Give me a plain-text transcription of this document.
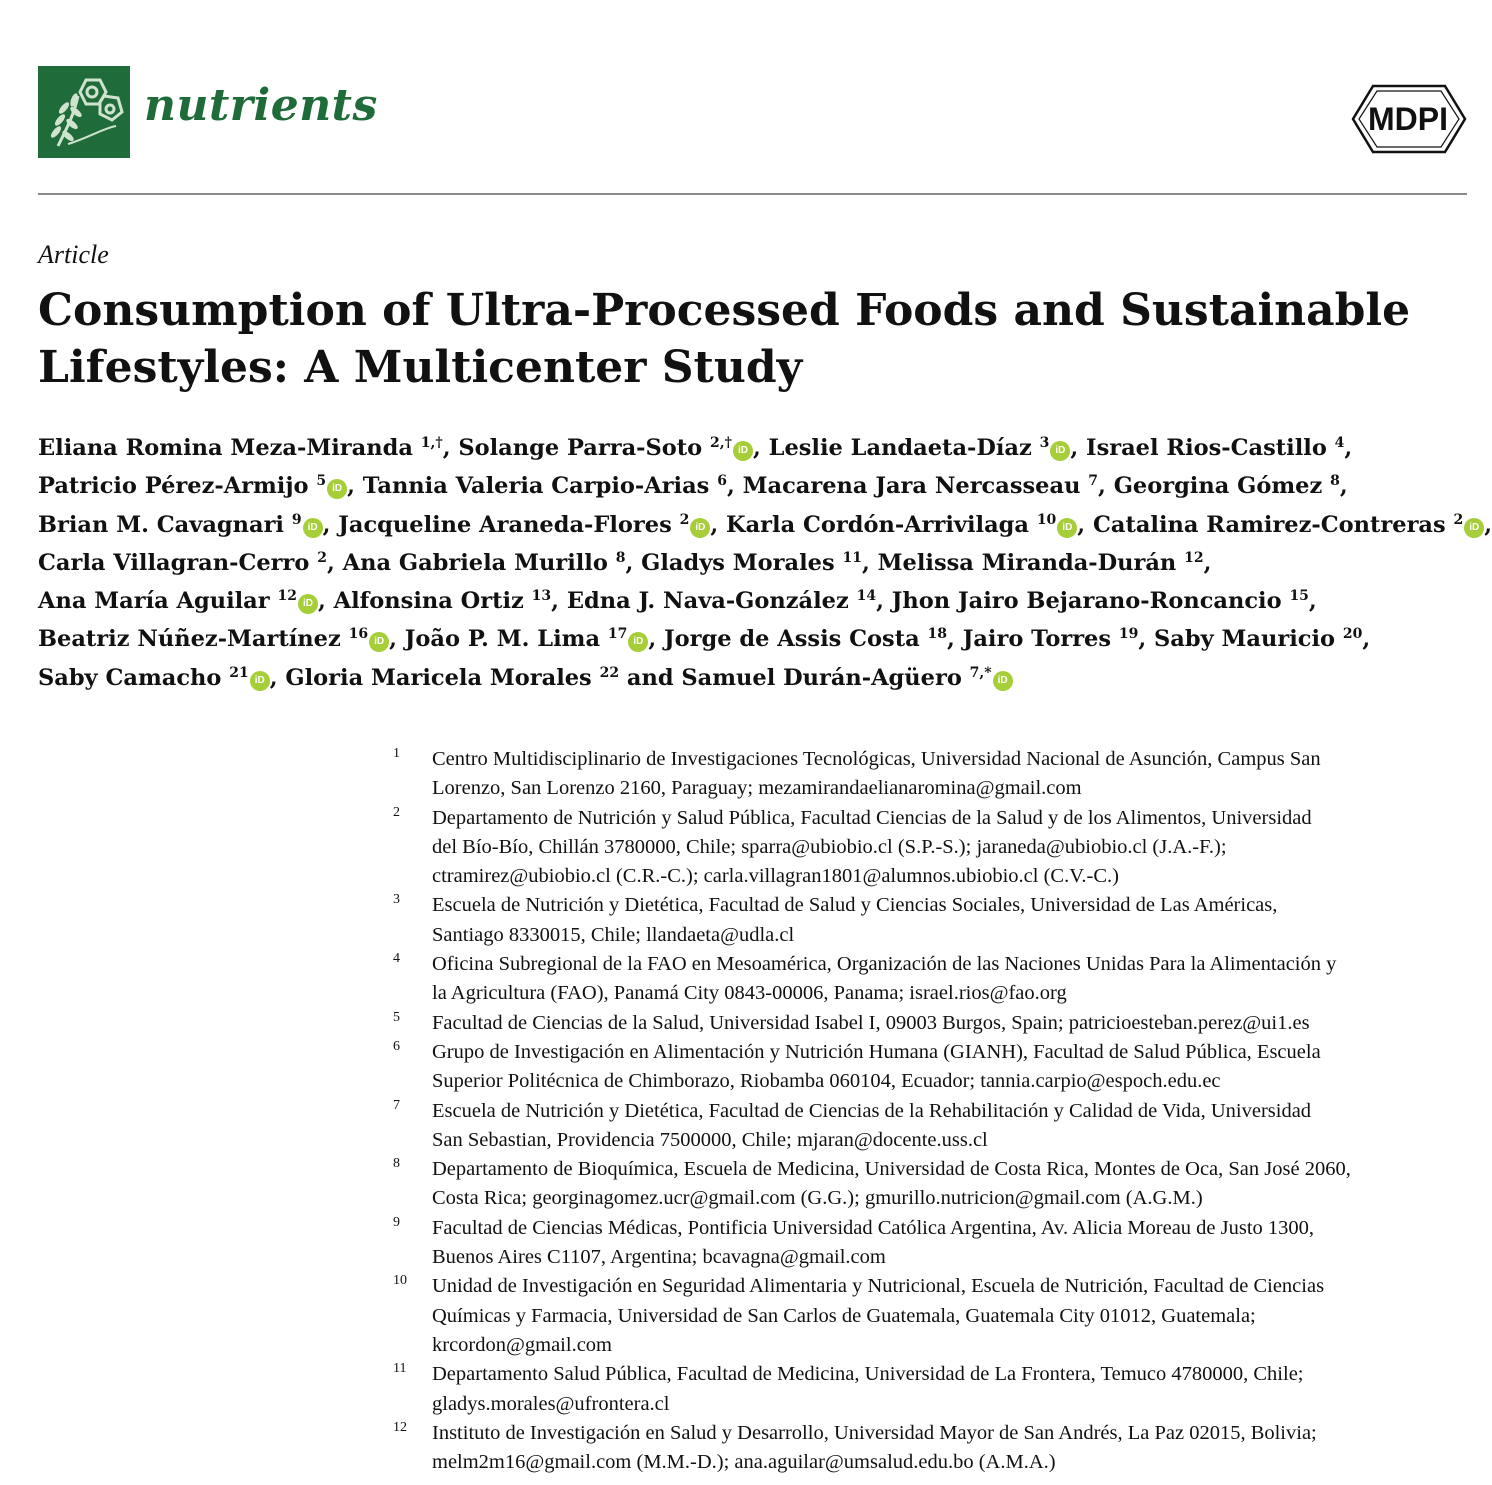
nutrients	MDPI
Article
Consumption of Ultra-Processed Foods and Sustainable
Lifestyles: A Multicenter Study
Eliana Romina Meza-Miranda $^{1,\dagger}$, Solange Parra-Soto $^{2,\dagger}$ iD , Leslie Landaeta-Díaz $^3$ iD , Israel Rios-Castillo $^4$,
Patricio Pérez-Armijo $^5$ iD , Tannia Valeria Carpio-Arias $^6$, Macarena Jara Nercasseau $^7$, Georgina Gómez $^8$,
Brian M. Cavagnari $^9$ iD , Jacqueline Araneda-Flores $^2$ iD , Karla Cordón-Arrivilaga $^{10}$ iD , Catalina Ramirez-Contreras $^2$ iD ,
Carla Villagran-Cerro $^2$, Ana Gabriela Murillo $^8$, Gladys Morales $^{11}$, Melissa Miranda-Durán $^{12}$,
Ana María Aguilar $^{12}$ iD , Alfonsina Ortiz $^{13}$, Edna J. Nava-González $^{14}$, Jhon Jairo Bejarano-Roncancio $^{15}$,
Beatriz Núñez-Martínez $^{16}$ iD , João P. M. Lima $^{17}$ iD , Jorge de Assis Costa $^{18}$, Jairo Torres $^{19}$, Saby Mauricio $^{20}$,
Saby Camacho $^{21}$ iD , Gloria Maricela Morales $^{22}$ and Samuel Durán-Agüero $^{7,*}$ iD
1 Centro Multidisciplinario de Investigaciones Tecnológicas, Universidad Nacional de Asunción, Campus San
Lorenzo, San Lorenzo 2160, Paraguay; mezamirandaelianaromina@gmail.com
2 Departamento de Nutrición y Salud Pública, Facultad Ciencias de la Salud y de los Alimentos, Universidad
del Bío-Bío, Chillán 3780000, Chile; sparra@ubiobio.cl (S.P.-S.); jaraneda@ubiobio.cl (J.A.-F.);
ctramirez@ubiobio.cl (C.R.-C.); carla.villagran1801@alumnos.ubiobio.cl (C.V.-C.)
3 Escuela de Nutrición y Dietética, Facultad de Salud y Ciencias Sociales, Universidad de Las Américas,
Santiago 8330015, Chile; llandaeta@udla.cl
4 Oficina Subregional de la FAO en Mesoamérica, Organización de las Naciones Unidas Para la Alimentación y
la Agricultura (FAO), Panamá City 0843-00006, Panama; israel.rios@fao.org
5 Facultad de Ciencias de la Salud, Universidad Isabel I, 09003 Burgos, Spain; patricioesteban.perez@ui1.es
6 Grupo de Investigación en Alimentación y Nutrición Humana (GIANH), Facultad de Salud Pública, Escuela
Superior Politécnica de Chimborazo, Riobamba 060104, Ecuador; tannia.carpio@espoch.edu.ec
7 Escuela de Nutrición y Dietética, Facultad de Ciencias de la Rehabilitación y Calidad de Vida, Universidad
San Sebastian, Providencia 7500000, Chile; mjaran@docente.uss.cl
8 Departamento de Bioquímica, Escuela de Medicina, Universidad de Costa Rica, Montes de Oca, San José 2060,
Costa Rica; georginagomez.ucr@gmail.com (G.G.); gmurillo.nutricion@gmail.com (A.G.M.)
9 Facultad de Ciencias Médicas, Pontificia Universidad Católica Argentina, Av. Alicia Moreau de Justo 1300,
Buenos Aires C1107, Argentina; bcavagna@gmail.com
10 Unidad de Investigación en Seguridad Alimentaria y Nutricional, Escuela de Nutrición, Facultad de Ciencias
Químicas y Farmacia, Universidad de San Carlos de Guatemala, Guatemala City 01012, Guatemala;
krcordon@gmail.com
11 Departamento Salud Pública, Facultad de Medicina, Universidad de La Frontera, Temuco 4780000, Chile;
gladys.morales@ufrontera.cl
12 Instituto de Investigación en Salud y Desarrollo, Universidad Mayor de San Andrés, La Paz 02015, Bolivia;
melm2m16@gmail.com (M.M.-D.); ana.aguilar@umsalud.edu.bo (A.M.A.)
